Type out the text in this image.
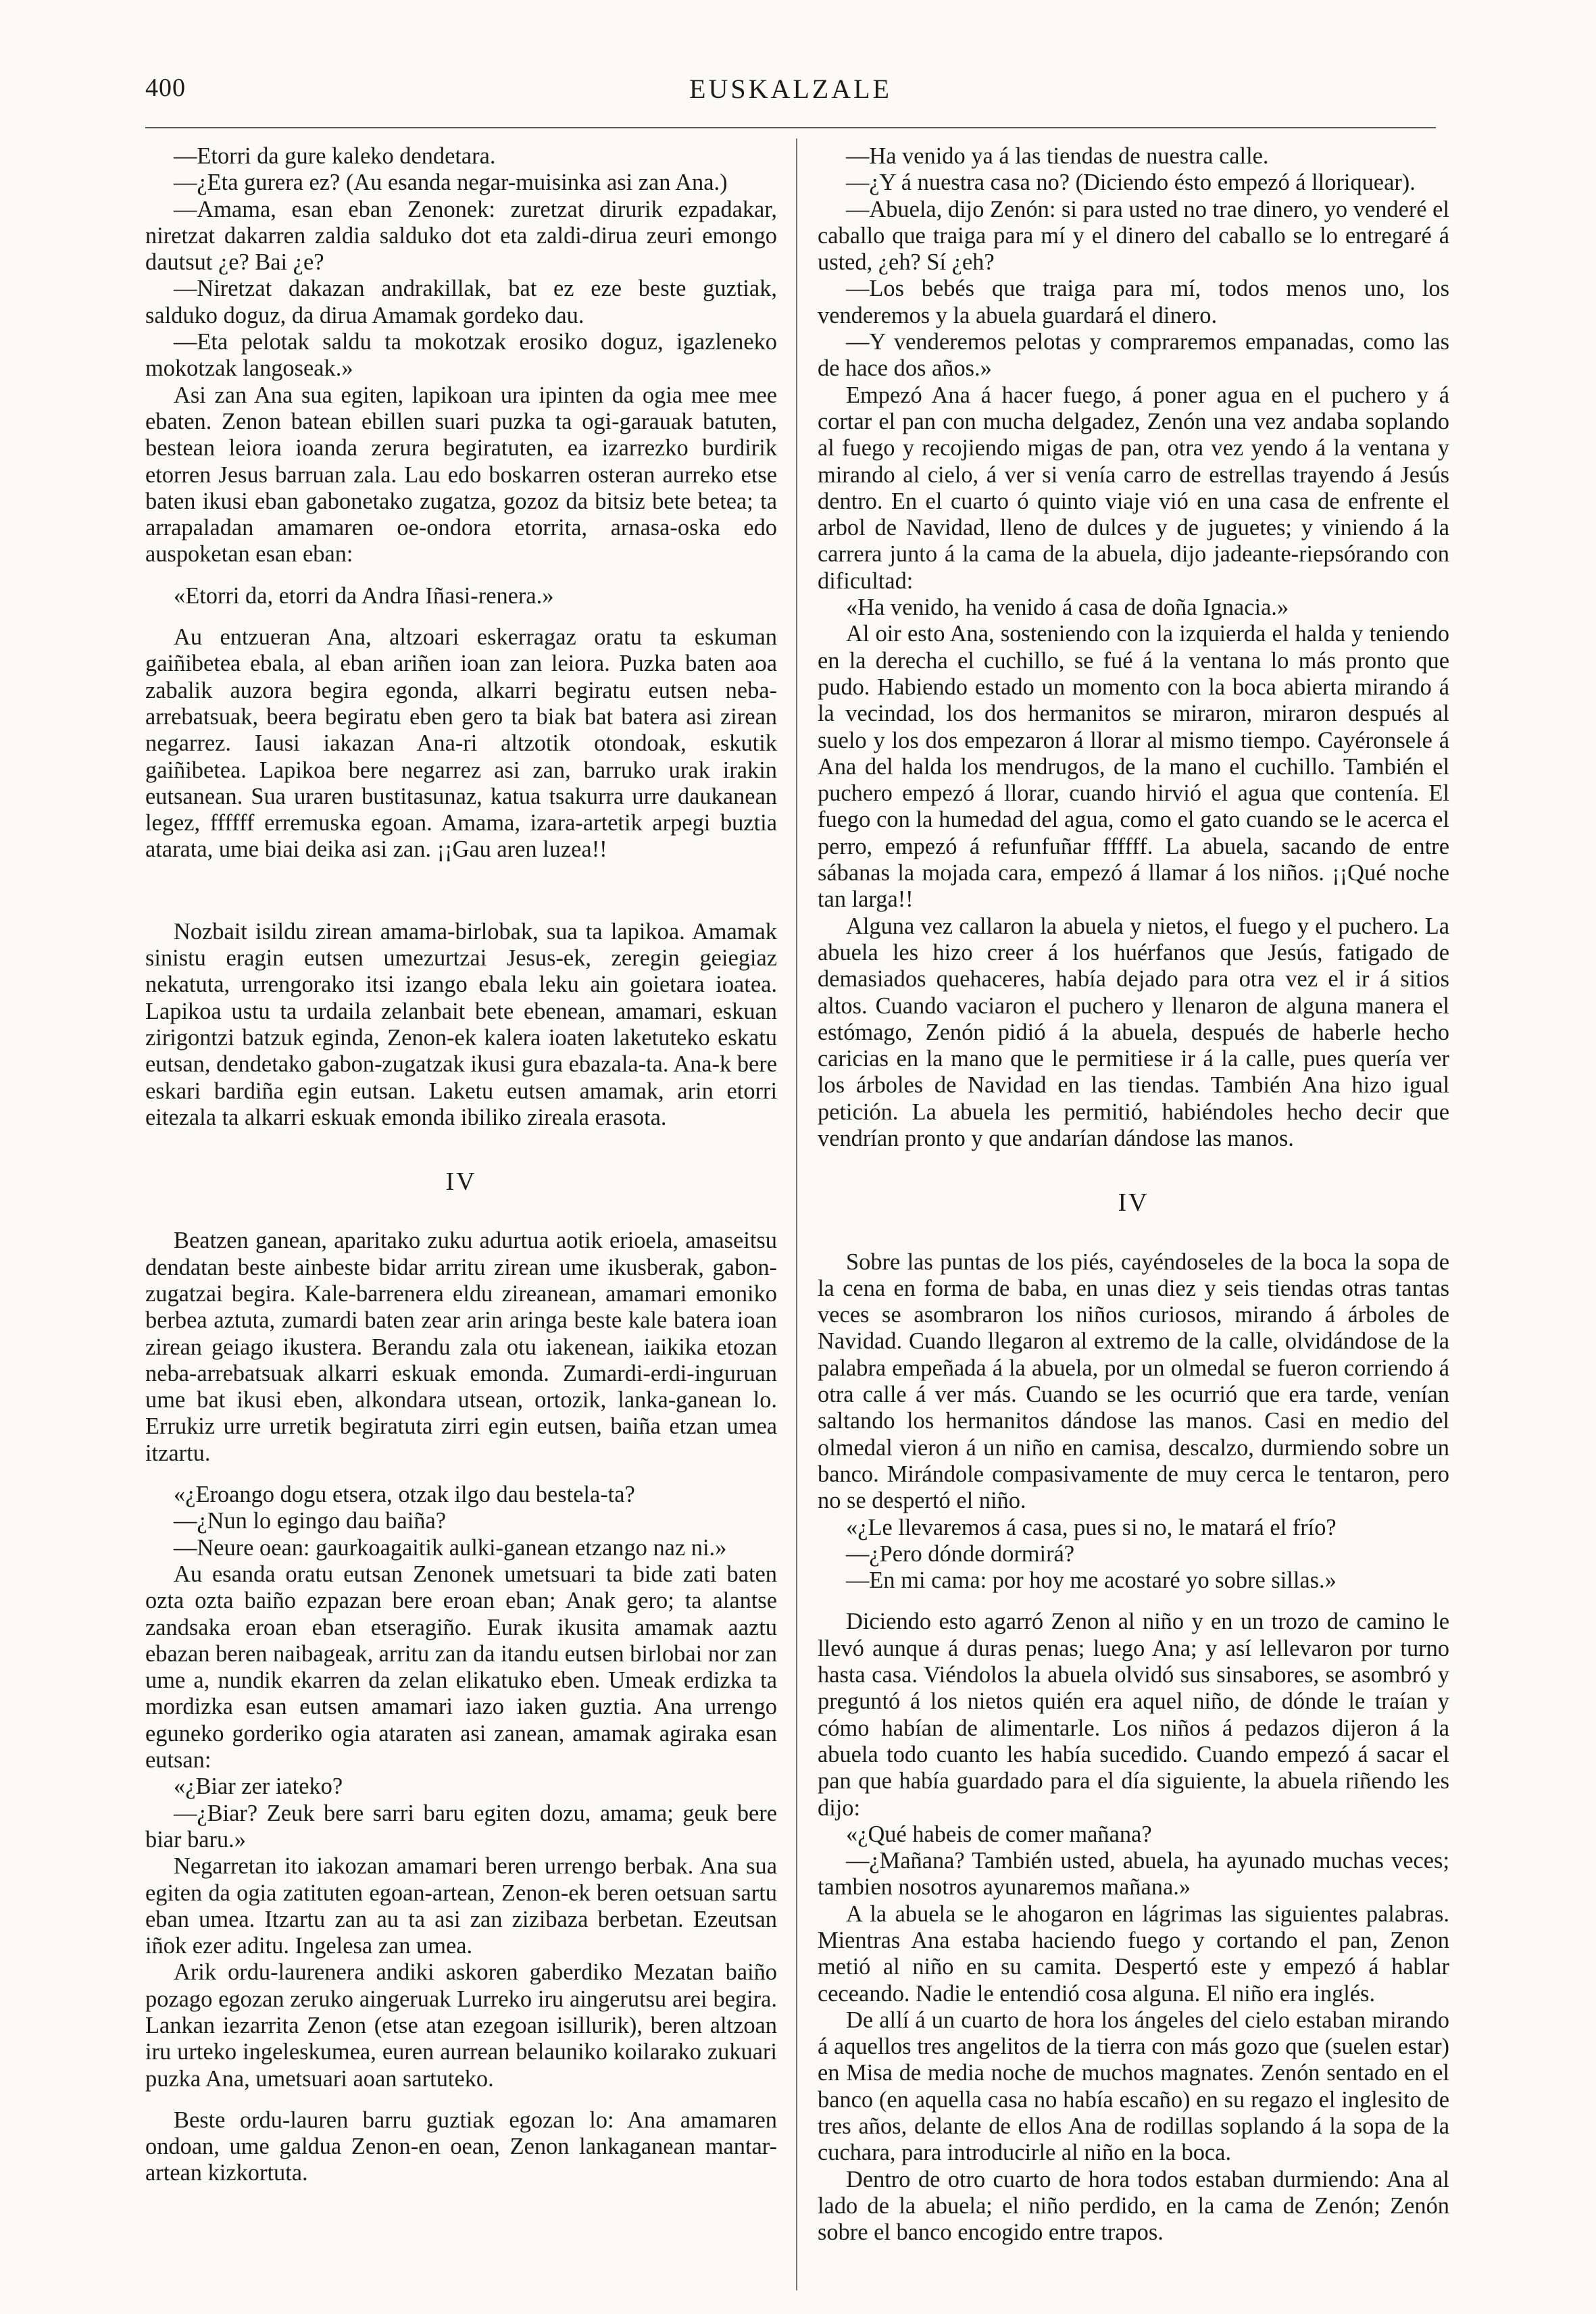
400	EUSKALZALE

—Etorri da gure kaleko dendetara.

—¿Eta gurera ez? (Au esanda negar-muisinka asi zan Ana.)

—Amama, esan eban Zenonek: zuretzat dirurik ezpadakar, niretzat dakarren zaldia salduko dot eta zaldi-dirua zeuri emongo dautsut ¿e? Bai ¿e?

—Niretzat dakazan andrakillak, bat ez eze beste guztiak, salduko doguz, da dirua Amamak gordeko dau.

—Eta pelotak saldu ta mokotzak erosiko doguz, igazleneko mokotzak langoseak.»

Asi zan Ana sua egiten, lapikoan ura ipinten da ogia mee mee ebaten. Zenon batean ebillen suari puzka ta ogi-garauak batuten, bestean leiora ioanda zerura begiratuten, ea izarrezko burdirik etorren Jesus barruan zala. Lau edo boskarren osteran aurreko etse baten ikusi eban gabonetako zugatza, gozoz da bitsiz bete betea; ta arrapaladan amamaren oe-ondora etorrita, arnasa-oska edo auspoketan esan eban:

«Etorri da, etorri da Andra Iñasi-renera.»

Au entzueran Ana, altzoari eskerragaz oratu ta eskuman gaiñibetea ebala, al eban ariñen ioan zan leiora. Puzka baten aoa zabalik auzora begira egonda, alkarri begiratu eutsen neba-arrebatsuak, beera begiratu eben gero ta biak bat batera asi zirean negarrez. Iausi iakazan Ana-ri altzotik otondoak, eskutik gaiñibetea. Lapikoa bere negarrez asi zan, barruko urak irakin eutsanean. Sua uraren bustitasunaz, katua tsakurra urre daukanean legez, ffffff erremuska egoan. Amama, izara-artetik arpegi buztia atarata, ume biai deika asi zan. ¡¡Gau aren luzea!!

Nozbait isildu zirean amama-birlobak, sua ta lapikoa. Amamak sinistu eragin eutsen umezurtzai Jesus-ek, zeregin geiegiaz nekatuta, urrengorako itsi izango ebala leku ain goietara ioatea. Lapikoa ustu ta urdaila zelanbait bete ebenean, amamari, eskuan zirigontzi batzuk eginda, Zenon-ek kalera ioaten laketuteko eskatu eutsan, dendetako gabon-zugatzak ikusi gura ebazala-ta. Ana-k bere eskari bardiña egin eutsan. Laketu eutsen amamak, arin etorri eitezala ta alkarri eskuak emonda ibiliko zireala erasota.

IV

Beatzen ganean, aparitako zuku adurtua aotik erioela, amaseitsu dendatan beste ainbeste bidar arritu zirean ume ikusberak, gabon-zugatzai begira. Kale-barrenera eldu zireanean, amamari emoniko berbea aztuta, zumardi baten zear arin aringa beste kale batera ioan zirean geiago ikustera. Berandu zala otu iakenean, iaikika etozan neba-arrebatsuak alkarri eskuak emonda. Zumardi-erdi-inguruan ume bat ikusi eben, alkondara utsean, ortozik, lanka-ganean lo. Errukiz urre urretik begiratuta zirri egin eutsen, baiña etzan umea itzartu.

«¿Eroango dogu etsera, otzak ilgo dau bestela-ta?

—¿Nun lo egingo dau baiña?

—Neure oean: gaurkoagaitik aulki-ganean etzango naz ni.»

Au esanda oratu eutsan Zenonek umetsuari ta bide zati baten ozta ozta baiño ezpazan bere eroan eban; Anak gero; ta alantse zandsaka eroan eban etseragiño. Eurak ikusita amamak aaztu ebazan beren naibageak, arritu zan da itandu eutsen birlobai nor zan ume a, nundik ekarren da zelan elikatuko eben. Umeak erdizka ta mordizka esan eutsen amamari iazo iaken guztia. Ana urrengo eguneko gorderiko ogia ataraten asi zanean, amamak agiraka esan eutsan:

«¿Biar zer iateko?

—¿Biar? Zeuk bere sarri baru egiten dozu, amama; geuk bere biar baru.»

Negarretan ito iakozan amamari beren urrengo berbak. Ana sua egiten da ogia zatituten egoan-artean, Zenon-ek beren oetsuan sartu eban umea. Itzartu zan au ta asi zan zizibaza berbetan. Ezeutsan iñok ezer aditu. Ingelesa zan umea.

Arik ordu-laurenera andiki askoren gaberdiko Mezatan baiño pozago egozan zeruko aingeruak Lurreko iru aingerutsu arei begira. Lankan iezarrita Zenon (etse atan ezegoan isillurik), beren altzoan iru urteko ingeleskumea, euren aurrean belauniko koilarako zukuari puzka Ana, umetsuari aoan sartuteko.

Beste ordu-lauren barru guztiak egozan lo: Ana amamaren ondoan, ume galdua Zenon-en oean, Zenon lankaganean mantar-artean kizkortuta.

—Ha venido ya á las tiendas de nuestra calle.

—¿Y á nuestra casa no? (Diciendo ésto empezó á lloriquear).

—Abuela, dijo Zenón: si para usted no trae dinero, yo venderé el caballo que traiga para mí y el dinero del caballo se lo entregaré á usted, ¿eh? Sí ¿eh?

—Los bebés que traiga para mí, todos menos uno, los venderemos y la abuela guardará el dinero.

—Y venderemos pelotas y compraremos empanadas, como las de hace dos años.»

Empezó Ana á hacer fuego, á poner agua en el puchero y á cortar el pan con mucha delgadez, Zenón una vez andaba soplando al fuego y recojiendo migas de pan, otra vez yendo á la ventana y mirando al cielo, á ver si venía carro de estrellas trayendo á Jesús dentro. En el cuarto ó quinto viaje vió en una casa de enfrente el arbol de Navidad, lleno de dulces y de juguetes; y viniendo á la carrera junto á la cama de la abuela, dijo jadeante-riepsórando con dificultad:

«Ha venido, ha venido á casa de doña Ignacia.»

Al oir esto Ana, sosteniendo con la izquierda el halda y teniendo en la derecha el cuchillo, se fué á la ventana lo más pronto que pudo. Habiendo estado un momento con la boca abierta mirando á la vecindad, los dos hermanitos se miraron, miraron después al suelo y los dos empezaron á llorar al mismo tiempo. Cayéronsele á Ana del halda los mendrugos, de la mano el cuchillo. También el puchero empezó á llorar, cuando hirvió el agua que contenía. El fuego con la humedad del agua, como el gato cuando se le acerca el perro, empezó á refunfuñar ffffff. La abuela, sacando de entre sábanas la mojada cara, empezó á llamar á los niños. ¡¡Qué noche tan larga!!

Alguna vez callaron la abuela y nietos, el fuego y el puchero. La abuela les hizo creer á los huérfanos que Jesús, fatigado de demasiados quehaceres, había dejado para otra vez el ir á sitios altos. Cuando vaciaron el puchero y llenaron de alguna manera el estómago, Zenón pidió á la abuela, después de haberle hecho caricias en la mano que le permitiese ir á la calle, pues quería ver los árboles de Navidad en las tiendas. También Ana hizo igual petición. La abuela les permitió, habiéndoles hecho decir que vendrían pronto y que andarían dándose las manos.

IV

Sobre las puntas de los piés, cayéndoseles de la boca la sopa de la cena en forma de baba, en unas diez y seis tiendas otras tantas veces se asombraron los niños curiosos, mirando á árboles de Navidad. Cuando llegaron al extremo de la calle, olvidándose de la palabra empeñada á la abuela, por un olmedal se fueron corriendo á otra calle á ver más. Cuando se les ocurrió que era tarde, venían saltando los hermanitos dándose las manos. Casi en medio del olmedal vieron á un niño en camisa, descalzo, durmiendo sobre un banco. Mirándole compasivamente de muy cerca le tentaron, pero no se despertó el niño.

«¿Le llevaremos á casa, pues si no, le matará el frío?

—¿Pero dónde dormirá?

—En mi cama: por hoy me acostaré yo sobre sillas.»

Diciendo esto agarró Zenon al niño y en un trozo de camino le llevó aunque á duras penas; luego Ana; y así lellevaron por turno hasta casa. Viéndolos la abuela olvidó sus sinsabores, se asombró y preguntó á los nietos quién era aquel niño, de dónde le traían y cómo habían de alimentarle. Los niños á pedazos dijeron á la abuela todo cuanto les había sucedido. Cuando empezó á sacar el pan que había guardado para el día siguiente, la abuela riñendo les dijo:

«¿Qué habeis de comer mañana?

—¿Mañana? También usted, abuela, ha ayunado muchas veces; tambien nosotros ayunaremos mañana.»

A la abuela se le ahogaron en lágrimas las siguientes palabras. Mientras Ana estaba haciendo fuego y cortando el pan, Zenon metió al niño en su camita. Despertó este y empezó á hablar ceceando. Nadie le entendió cosa alguna. El niño era inglés.

De allí á un cuarto de hora los ángeles del cielo estaban mirando á aquellos tres angelitos de la tierra con más gozo que (suelen estar) en Misa de media noche de muchos magnates. Zenón sentado en el banco (en aquella casa no había escaño) en su regazo el inglesito de tres años, delante de ellos Ana de rodillas soplando á la sopa de la cuchara, para introducirle al niño en la boca.

Dentro de otro cuarto de hora todos estaban durmiendo: Ana al lado de la abuela; el niño perdido, en la cama de Zenón; Zenón sobre el banco encogido entre trapos.
